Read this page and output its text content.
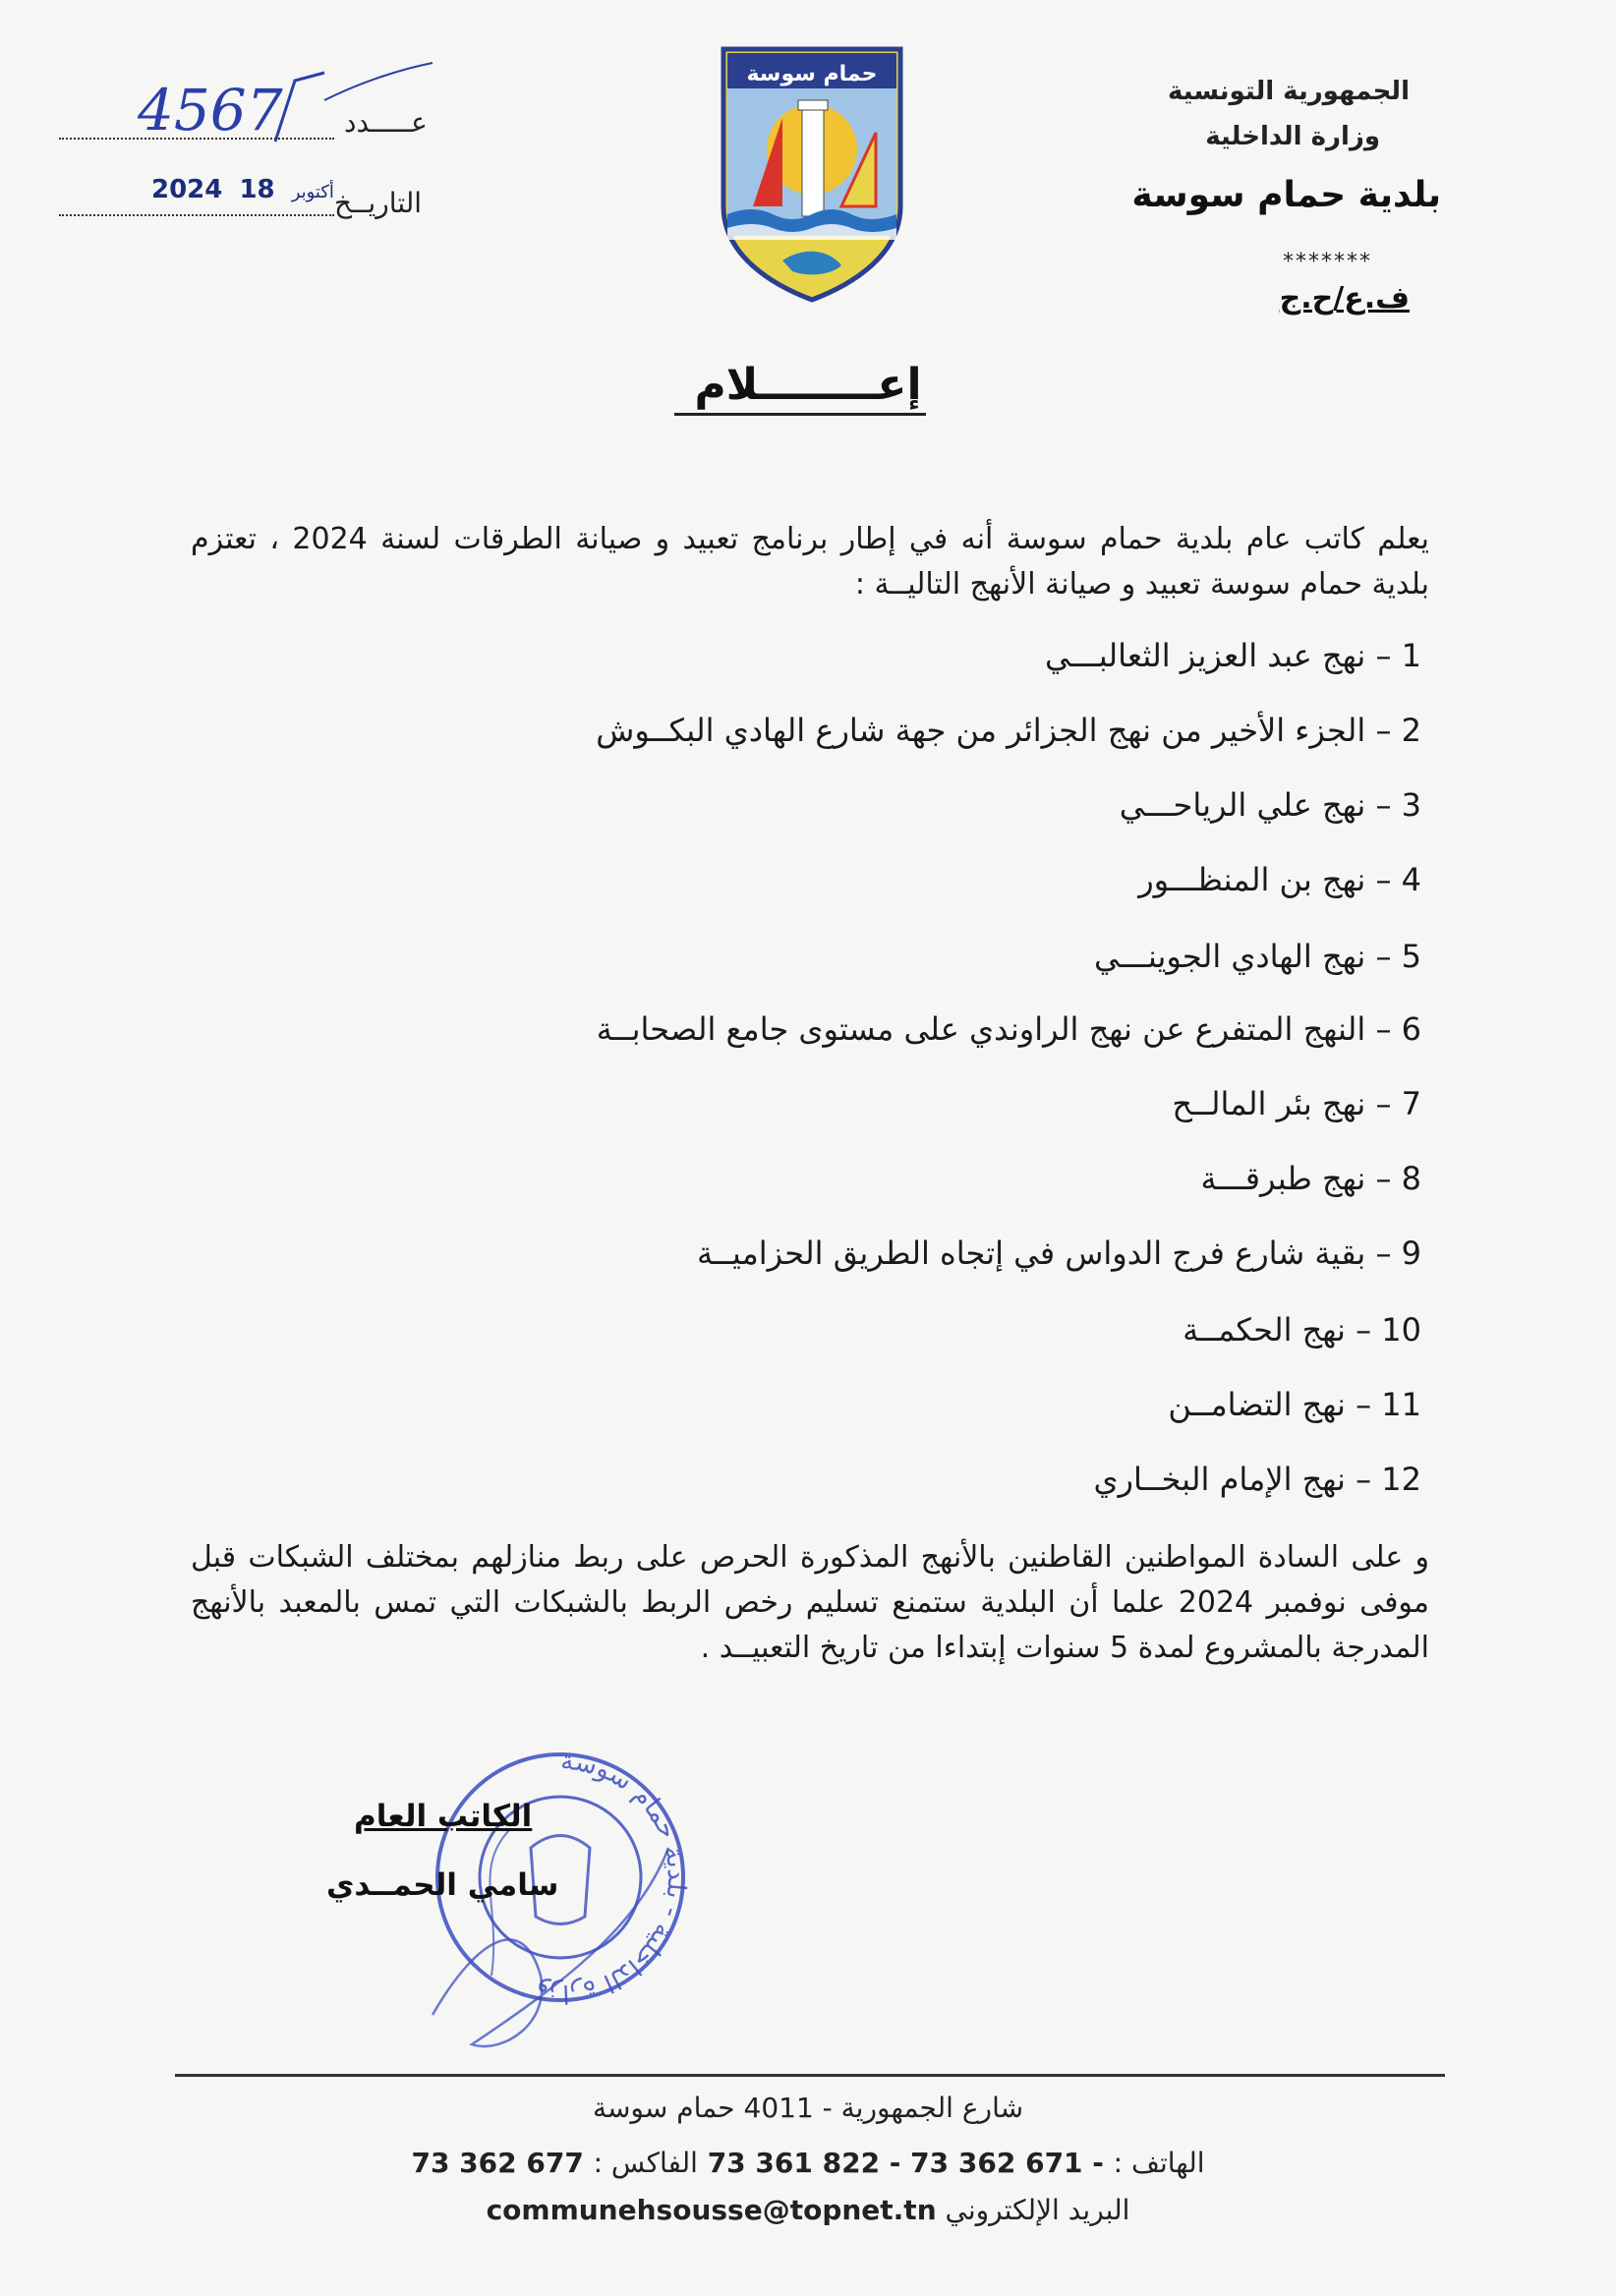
الجمهورية التونسية
وزارة الداخلية
بلدية حمام سوسة
*******
ف.ع/ح.ج
4567 عـــــدد
التاريــخ
2024	أكتوبر 18
حمام سوسة
إعــــــــلام
يعلم كاتب عام بلدية حمام سوسة أنه في إطار برنامج تعبيد و صيانة الطرقات لسنة 2024 ، تعتزم بلدية حمام سوسة تعبيد و صيانة الأنهج التاليــة :
1 – نهج عبد العزيز الثعالبـــي
2 – الجزء الأخير من نهج الجزائر من جهة شارع الهادي البكــوش
3 – نهج علي الرياحـــي
4 – نهج بن المنظـــور
5 – نهج الهادي الجوينـــي
6 – النهج المتفرع عن نهج الراوندي على مستوى جامع الصحابــة
7 – نهج بئر المالــح
8 – نهج طبرقـــة
9 – بقية شارع فرج الدواس في إتجاه الطريق الحزاميــة
10 – نهج الحكمــة
11 – نهج التضامــن
12 – نهج الإمام البخــاري
و على السادة المواطنين القاطنين بالأنهج المذكورة الحرص على ربط منازلهم بمختلف الشبكات قبل موفى نوفمبر 2024 علما أن البلدية ستمنع تسليم رخص الربط بالشبكات التي تمس بالمعبد بالأنهج المدرجة بالمشروع لمدة 5 سنوات إبتداءا من تاريخ التعبيــد .
وزارة الداخلية - بلدية حمام سوسة
الكاتب العام
سامي الحمــدي
شارع الجمهورية - 4011 حمام سوسة
الهاتف : 73 361 822 - 73 362 671 - الفاكس : 73 362 677
البريد الإلكتروني communehsousse@topnet.tn
